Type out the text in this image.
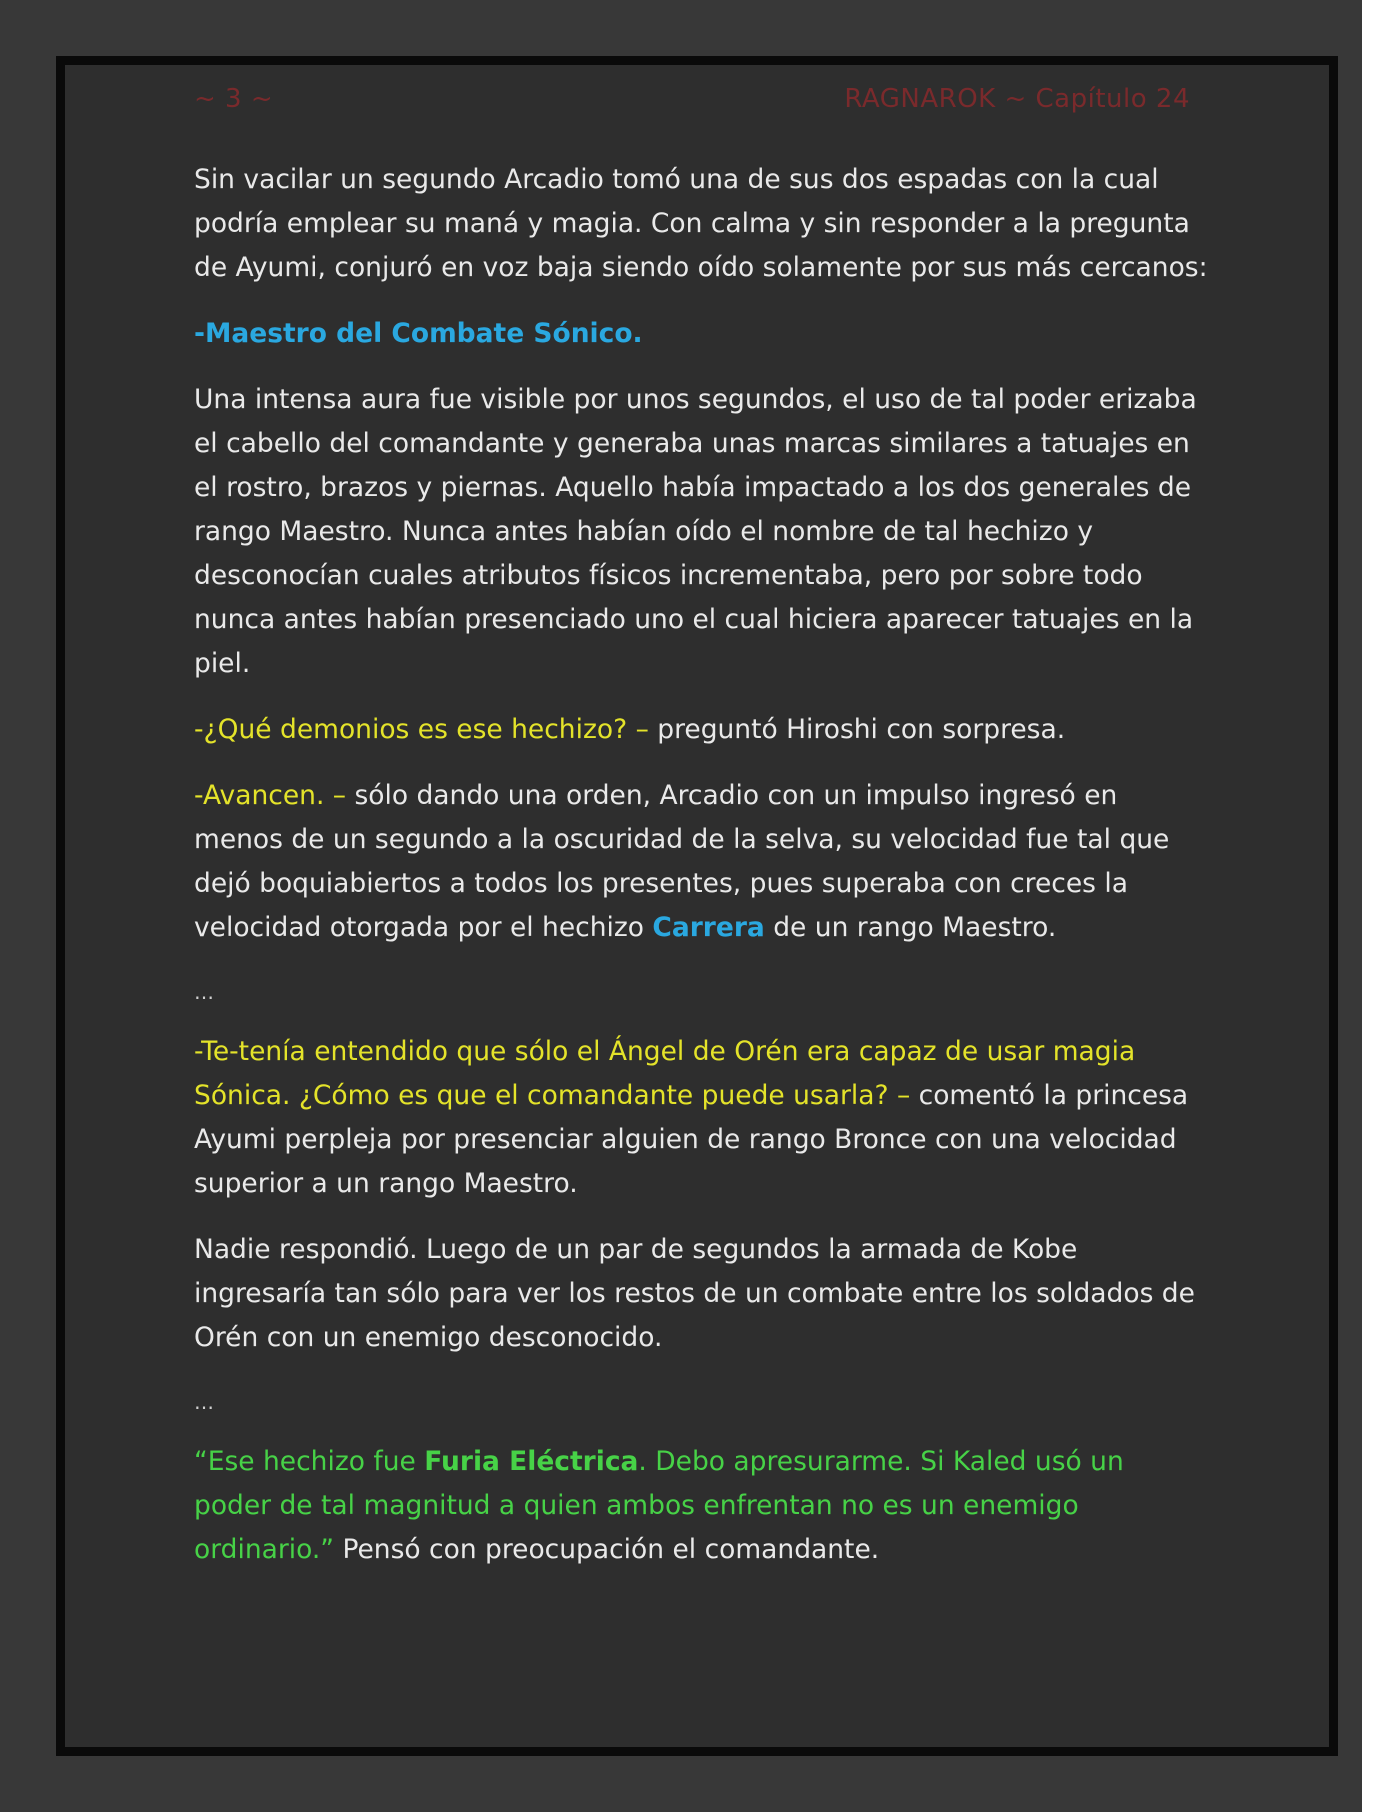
~ 3 ~	RAGNAROK ~ Capítulo 24

Sin vacilar un segundo Arcadio tomó una de sus dos espadas con la cual podría emplear su maná y magia. Con calma y sin responder a la pregunta de Ayumi, conjuró en voz baja siendo oído solamente por sus más cercanos:

-Maestro del Combate Sónico.

Una intensa aura fue visible por unos segundos, el uso de tal poder erizaba el cabello del comandante y generaba unas marcas similares a tatuajes en el rostro, brazos y piernas. Aquello había impactado a los dos generales de rango Maestro. Nunca antes habían oído el nombre de tal hechizo y desconocían cuales atributos físicos incrementaba, pero por sobre todo nunca antes habían presenciado uno el cual hiciera aparecer tatuajes en la piel.

-¿Qué demonios es ese hechizo? – preguntó Hiroshi con sorpresa.

-Avancen. – sólo dando una orden, Arcadio con un impulso ingresó en menos de un segundo a la oscuridad de la selva, su velocidad fue tal que dejó boquiabiertos a todos los presentes, pues superaba con creces la velocidad otorgada por el hechizo Carrera de un rango Maestro.

…

-Te-tenía entendido que sólo el Ángel de Orén era capaz de usar magia Sónica. ¿Cómo es que el comandante puede usarla? – comentó la princesa Ayumi perpleja por presenciar alguien de rango Bronce con una velocidad superior a un rango Maestro.

Nadie respondió. Luego de un par de segundos la armada de Kobe ingresaría tan sólo para ver los restos de un combate entre los soldados de Orén con un enemigo desconocido.

…

“Ese hechizo fue Furia Eléctrica. Debo apresurarme. Si Kaled usó un poder de tal magnitud a quien ambos enfrentan no es un enemigo ordinario.” Pensó con preocupación el comandante.
